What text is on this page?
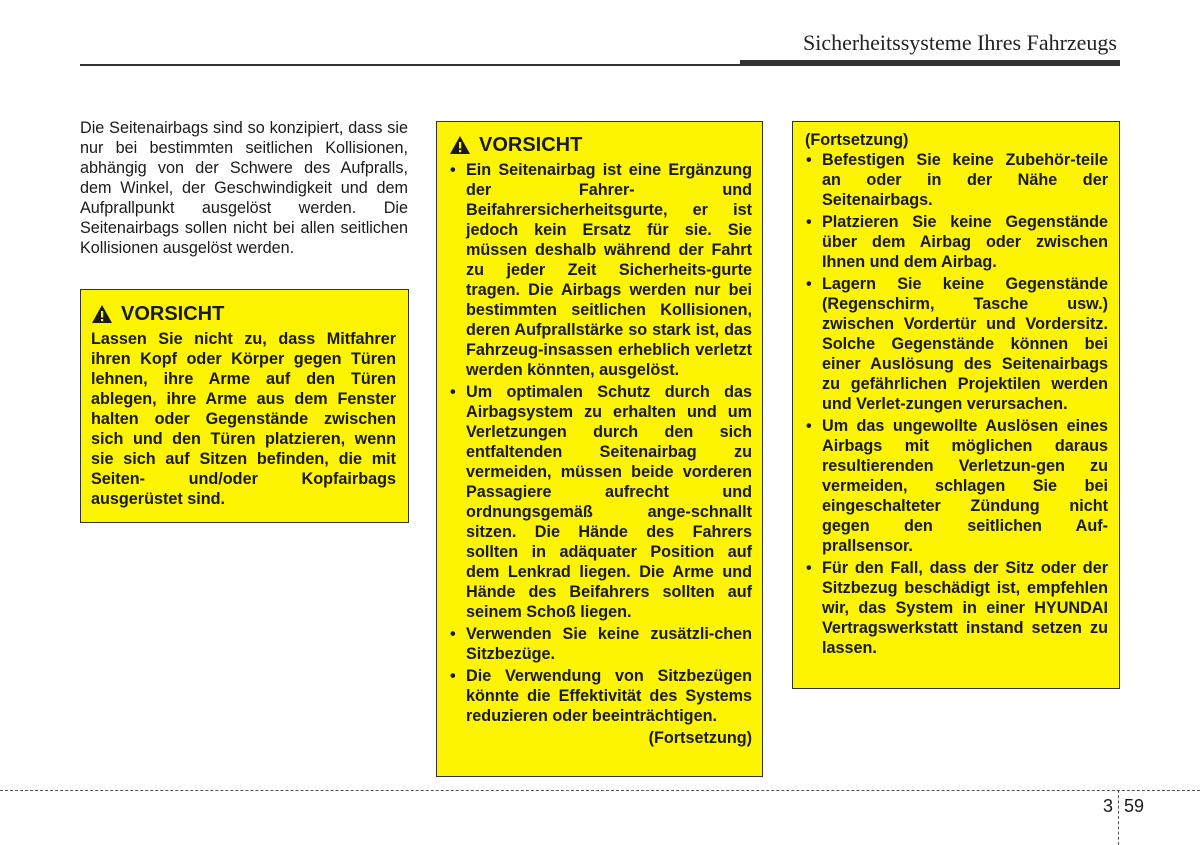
Sicherheitssysteme Ihres Fahrzeugs

Die Seitenairbags sind so konzipiert, dass sie nur bei bestimmten seitlichen Kollisionen, abhängig von der Schwere des Aufpralls, dem Winkel, der Geschwindigkeit und dem Aufprallpunkt ausgelöst werden. Die Seitenairbags sollen nicht bei allen seitlichen Kollisionen ausgelöst werden.

VORSICHT

Lassen Sie nicht zu, dass Mitfahrer ihren Kopf oder Körper gegen Türen lehnen, ihre Arme auf den Türen ablegen, ihre Arme aus dem Fenster halten oder Gegenstände zwischen sich und den Türen platzieren, wenn sie sich auf Sitzen befinden, die mit Seiten- und/oder Kopfairbags ausgerüstet sind.

VORSICHT
• Ein Seitenairbag ist eine Ergänzung der Fahrer- und Beifahrersicherheitsgurte, er ist jedoch kein Ersatz für sie. Sie müssen deshalb während der Fahrt zu jeder Zeit Sicherheits-gurte tragen. Die Airbags werden nur bei bestimmten seitlichen Kollisionen, deren Aufprallstärke so stark ist, das Fahrzeug-insassen erheblich verletzt werden könnten, ausgelöst.
• Um optimalen Schutz durch das Airbagsystem zu erhalten und um Verletzungen durch den sich entfaltenden Seitenairbag zu vermeiden, müssen beide vorderen Passagiere aufrecht und ordnungsgemäß ange-schnallt sitzen. Die Hände des Fahrers sollten in adäquater Position auf dem Lenkrad liegen. Die Arme und Hände des Beifahrers sollten auf seinem Schoß liegen.
• Verwenden Sie keine zusätzli-chen Sitzbezüge.
• Die Verwendung von Sitzbezügen könnte die Effektivität des Systems reduzieren oder beeinträchtigen.
(Fortsetzung)
(Fortsetzung)
• Befestigen Sie keine Zubehör-teile an oder in der Nähe der Seitenairbags.
• Platzieren Sie keine Gegenstände über dem Airbag oder zwischen Ihnen und dem Airbag.
• Lagern Sie keine Gegenstände (Regenschirm, Tasche usw.) zwischen Vordertür und Vordersitz. Solche Gegenstände können bei einer Auslösung des Seitenairbags zu gefährlichen Projektilen werden und Verlet-zungen verursachen.
• Um das ungewollte Auslösen eines Airbags mit möglichen daraus resultierenden Verletzun-gen zu vermeiden, schlagen Sie bei eingeschalteter Zündung nicht gegen den seitlichen Auf-prallsensor.
• Für den Fall, dass der Sitz oder der Sitzbezug beschädigt ist, empfehlen wir, das System in einer HYUNDAI Vertragswerkstatt instand setzen zu lassen.
3 59
